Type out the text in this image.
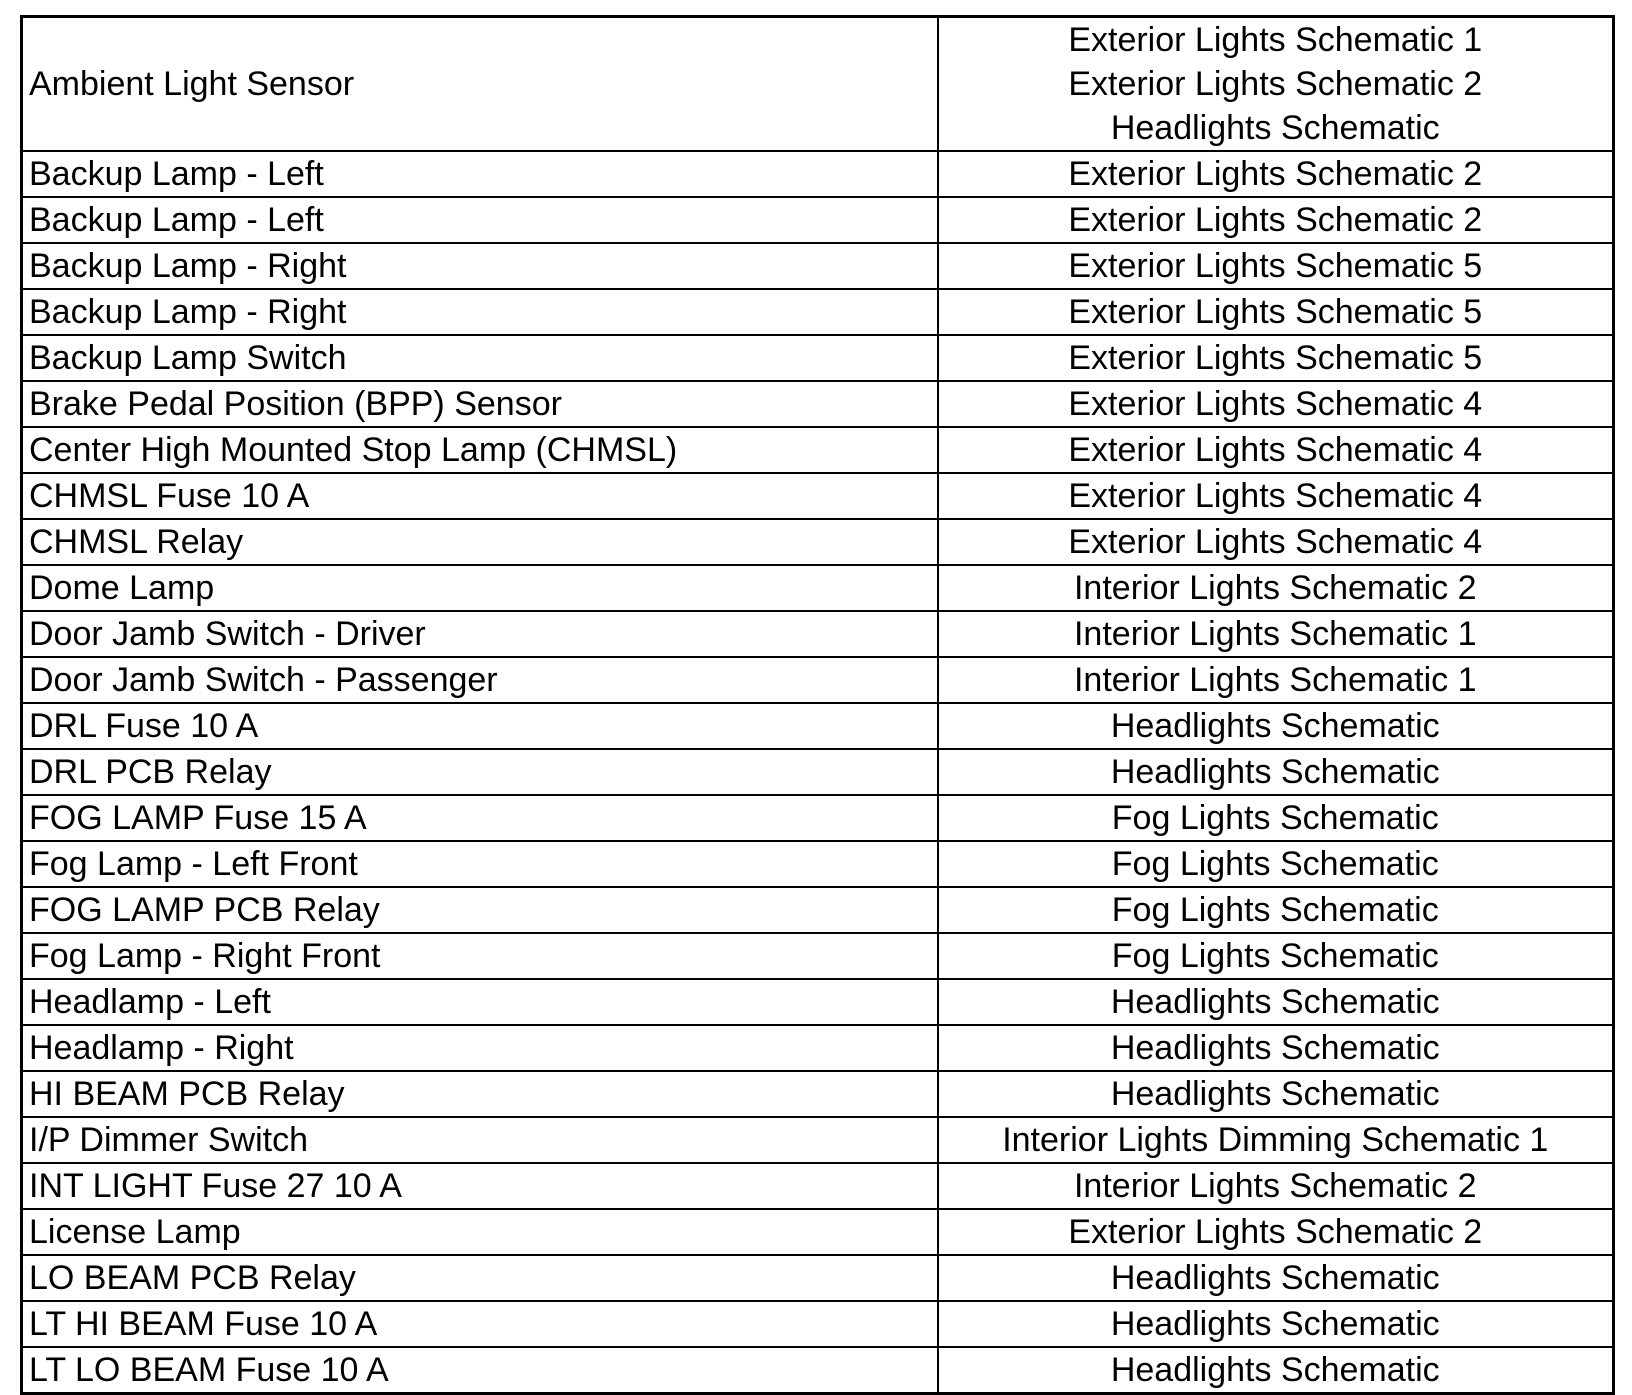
Ambient Light Sensor	Exterior Lights Schematic 1
Exterior Lights Schematic 2
Headlights Schematic

Backup Lamp - Left	Exterior Lights Schematic 2

Backup Lamp - Left	Exterior Lights Schematic 2

Backup Lamp - Right	Exterior Lights Schematic 5

Backup Lamp - Right	Exterior Lights Schematic 5

Backup Lamp Switch	Exterior Lights Schematic 5

Brake Pedal Position (BPP) Sensor	Exterior Lights Schematic 4

Center High Mounted Stop Lamp (CHMSL)	Exterior Lights Schematic 4

CHMSL Fuse 10 A	Exterior Lights Schematic 4

CHMSL Relay	Exterior Lights Schematic 4

Dome Lamp	Interior Lights Schematic 2

Door Jamb Switch - Driver	Interior Lights Schematic 1

Door Jamb Switch - Passenger	Interior Lights Schematic 1

DRL Fuse 10 A	Headlights Schematic

DRL PCB Relay	Headlights Schematic

FOG LAMP Fuse 15 A	Fog Lights Schematic

Fog Lamp - Left Front	Fog Lights Schematic

FOG LAMP PCB Relay	Fog Lights Schematic

Fog Lamp - Right Front	Fog Lights Schematic

Headlamp - Left	Headlights Schematic

Headlamp - Right	Headlights Schematic

HI BEAM PCB Relay	Headlights Schematic

I/P Dimmer Switch	Interior Lights Dimming Schematic 1

INT LIGHT Fuse 27 10 A	Interior Lights Schematic 2

License Lamp	Exterior Lights Schematic 2

LO BEAM PCB Relay	Headlights Schematic

LT HI BEAM Fuse 10 A	Headlights Schematic

LT LO BEAM Fuse 10 A	Headlights Schematic
